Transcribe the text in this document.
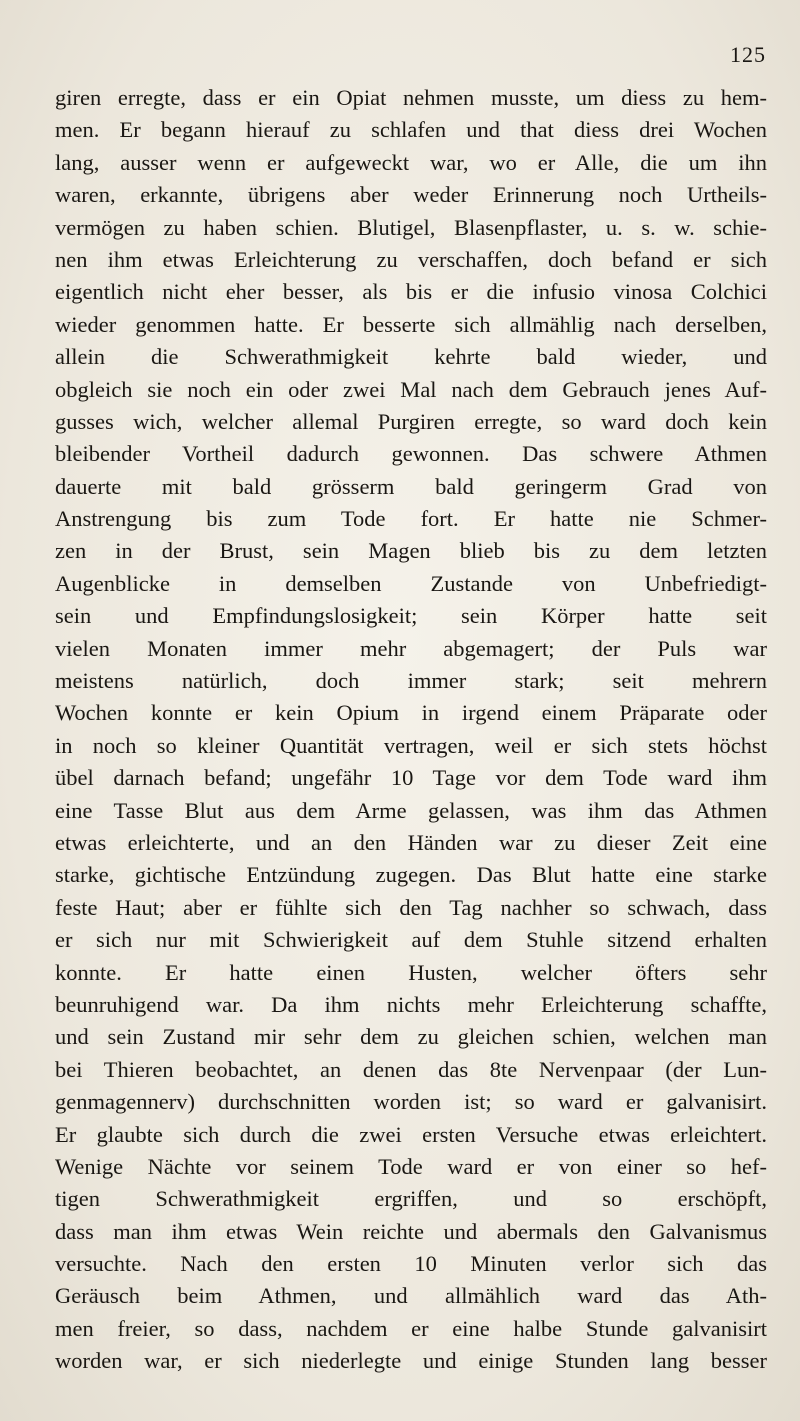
125
giren erregte, dass er ein Opiat nehmen musste, um diess zu hem-
men. Er begann hierauf zu schlafen und that diess drei Wochen
lang, ausser wenn er aufgeweckt war, wo er Alle, die um ihn
waren, erkannte, übrigens aber weder Erinnerung noch Urtheils-
vermögen zu haben schien. Blutigel, Blasenpflaster, u. s. w. schie-
nen ihm etwas Erleichterung zu verschaffen, doch befand er sich
eigentlich nicht eher besser, als bis er die infusio vinosa Colchici
wieder genommen hatte. Er besserte sich allmählig nach derselben,
allein die Schwerathmigkeit kehrte bald wieder, und
obgleich sie noch ein oder zwei Mal nach dem Gebrauch jenes Auf-
gusses wich, welcher allemal Purgiren erregte, so ward doch kein
bleibender Vortheil dadurch gewonnen. Das schwere Athmen
dauerte mit bald grösserm bald geringerm Grad von
Anstrengung bis zum Tode fort. Er hatte nie Schmer-
zen in der Brust, sein Magen blieb bis zu dem letzten
Augenblicke in demselben Zustande von Unbefriedigt-
sein und Empfindungslosigkeit; sein Körper hatte seit
vielen Monaten immer mehr abgemagert; der Puls war
meistens natürlich, doch immer stark; seit mehrern
Wochen konnte er kein Opium in irgend einem Präparate oder
in noch so kleiner Quantität vertragen, weil er sich stets höchst
übel darnach befand; ungefähr 10 Tage vor dem Tode ward ihm
eine Tasse Blut aus dem Arme gelassen, was ihm das Athmen
etwas erleichterte, und an den Händen war zu dieser Zeit eine
starke, gichtische Entzündung zugegen. Das Blut hatte eine starke
feste Haut; aber er fühlte sich den Tag nachher so schwach, dass
er sich nur mit Schwierigkeit auf dem Stuhle sitzend erhalten
konnte. Er hatte einen Husten, welcher öfters sehr
beunruhigend war. Da ihm nichts mehr Erleichterung schaffte,
und sein Zustand mir sehr dem zu gleichen schien, welchen man
bei Thieren beobachtet, an denen das 8te Nervenpaar (der Lun-
genmagennerv) durchschnitten worden ist; so ward er galvanisirt.
Er glaubte sich durch die zwei ersten Versuche etwas erleichtert.
Wenige Nächte vor seinem Tode ward er von einer so hef-
tigen Schwerathmigkeit ergriffen, und so erschöpft,
dass man ihm etwas Wein reichte und abermals den Galvanismus
versuchte. Nach den ersten 10 Minuten verlor sich das
Geräusch beim Athmen, und allmählich ward das Ath-
men freier, so dass, nachdem er eine halbe Stunde galvanisirt
worden war, er sich niederlegte und einige Stunden lang besser
